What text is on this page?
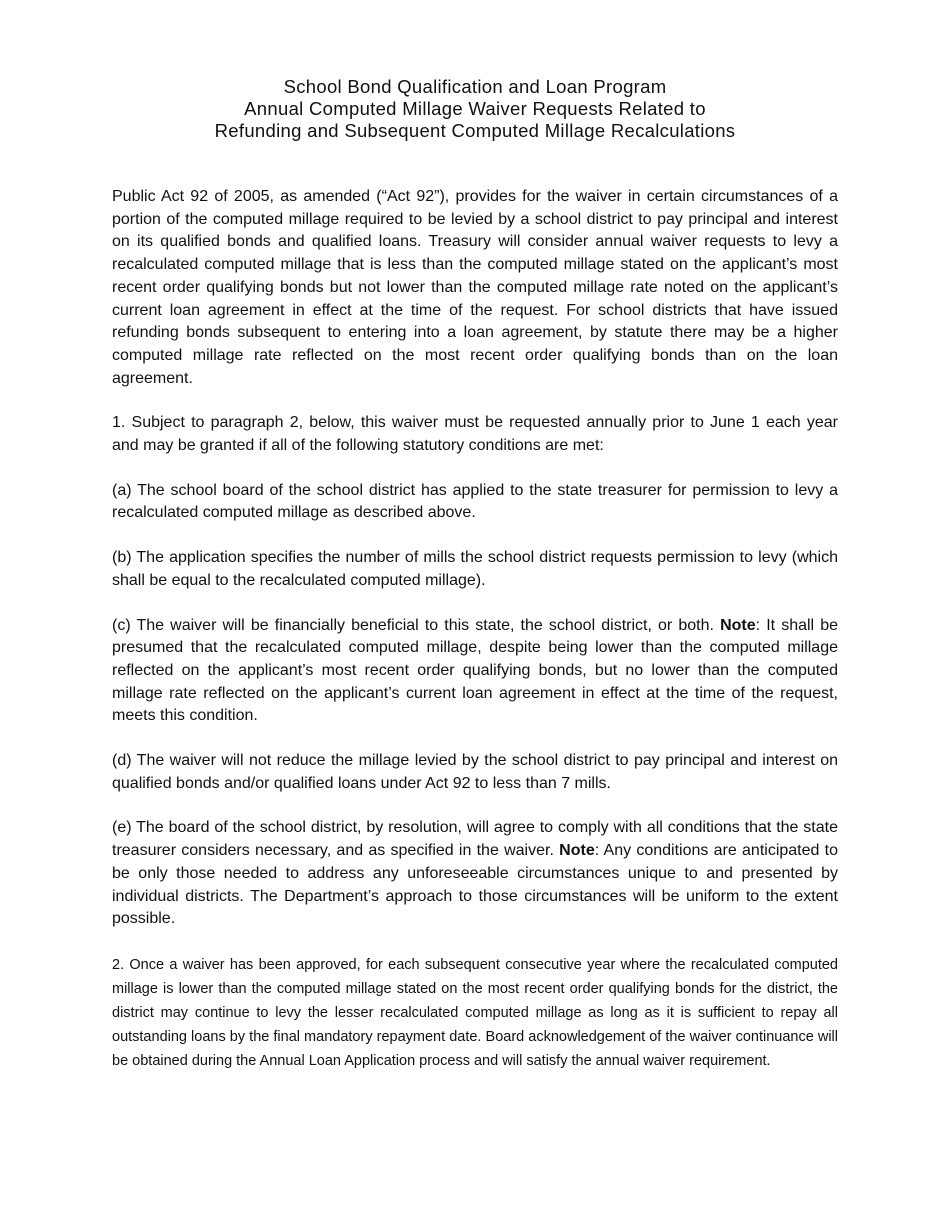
School Bond Qualification and Loan Program
Annual Computed Millage Waiver Requests Related to
Refunding and Subsequent Computed Millage Recalculations

Public Act 92 of 2005, as amended (“Act 92”), provides for the waiver in certain circumstances of a portion of the computed millage required to be levied by a school district to pay principal and interest on its qualified bonds and qualified loans. Treasury will consider annual waiver requests to levy a recalculated computed millage that is less than the computed millage stated on the applicant’s most recent order qualifying bonds but not lower than the computed millage rate noted on the applicant’s current loan agreement in effect at the time of the request. For school districts that have issued refunding bonds subsequent to entering into a loan agreement, by statute there may be a higher computed millage rate reflected on the most recent order qualifying bonds than on the loan agreement.

1. Subject to paragraph 2, below, this waiver must be requested annually prior to June 1 each year and may be granted if all of the following statutory conditions are met:

(a) The school board of the school district has applied to the state treasurer for permission to levy a recalculated computed millage as described above.

(b) The application specifies the number of mills the school district requests permission to levy (which shall be equal to the recalculated computed millage).

(c) The waiver will be financially beneficial to this state, the school district, or both. Note: It shall be presumed that the recalculated computed millage, despite being lower than the computed millage reflected on the applicant’s most recent order qualifying bonds, but no lower than the computed millage rate reflected on the applicant’s current loan agreement in effect at the time of the request, meets this condition.

(d) The waiver will not reduce the millage levied by the school district to pay principal and interest on qualified bonds and/or qualified loans under Act 92 to less than 7 mills.

(e) The board of the school district, by resolution, will agree to comply with all conditions that the state treasurer considers necessary, and as specified in the waiver. Note: Any conditions are anticipated to be only those needed to address any unforeseeable circumstances unique to and presented by individual districts. The Department’s approach to those circumstances will be uniform to the extent possible.

2. Once a waiver has been approved, for each subsequent consecutive year where the recalculated computed millage is lower than the computed millage stated on the most recent order qualifying bonds for the district, the district may continue to levy the lesser recalculated computed millage as long as it is sufficient to repay all outstanding loans by the final mandatory repayment date. Board acknowledgement of the waiver continuance will be obtained during the Annual Loan Application process and will satisfy the annual waiver requirement.
